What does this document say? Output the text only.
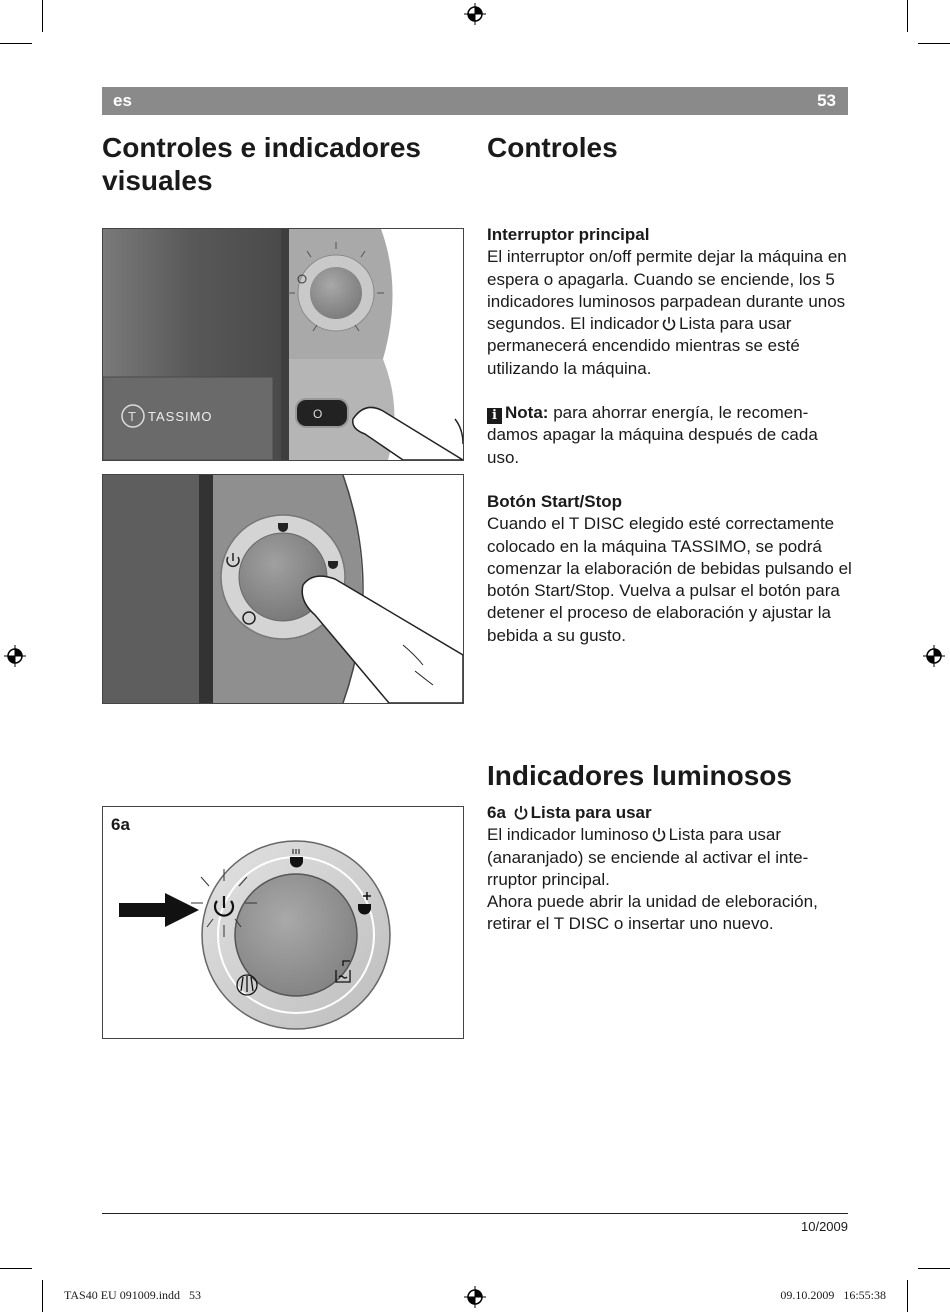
es	53
Controles e indicadores visuales
Controles
O
T TASSIMO
6a

Interruptor principal

El interruptor on/off permite dejar la máquina en espera o apagarla. Cuando se enciende, los 5 indicadores luminosos parpadean durante unos segundos. El indicador Lista para usar permanecerá encendido mientras se esté utilizando la máquina.

i Nota: para ahorrar energía, le recomendamos apagar la máquina después de cada uso.

Botón Start/Stop

Cuando el T DISC elegido esté correctamente colocado en la máquina TASSIMO, se podrá comenzar la elaboración de bebidas pulsando el botón Start/Stop. Vuelva a pulsar el botón para detener el proceso de elaboración y ajustar la bebida a su gusto.

Indicadores luminosos

6a Lista para usar

El indicador luminoso Lista para usar (anaranjado) se enciende al activar el interruptor principal.

Ahora puede abrir la unidad de eleboración, retirar el T DISC o insertar uno nuevo.

10/2009
TAS40 EU 091009.indd   53	09.10.2009   16:55:38
